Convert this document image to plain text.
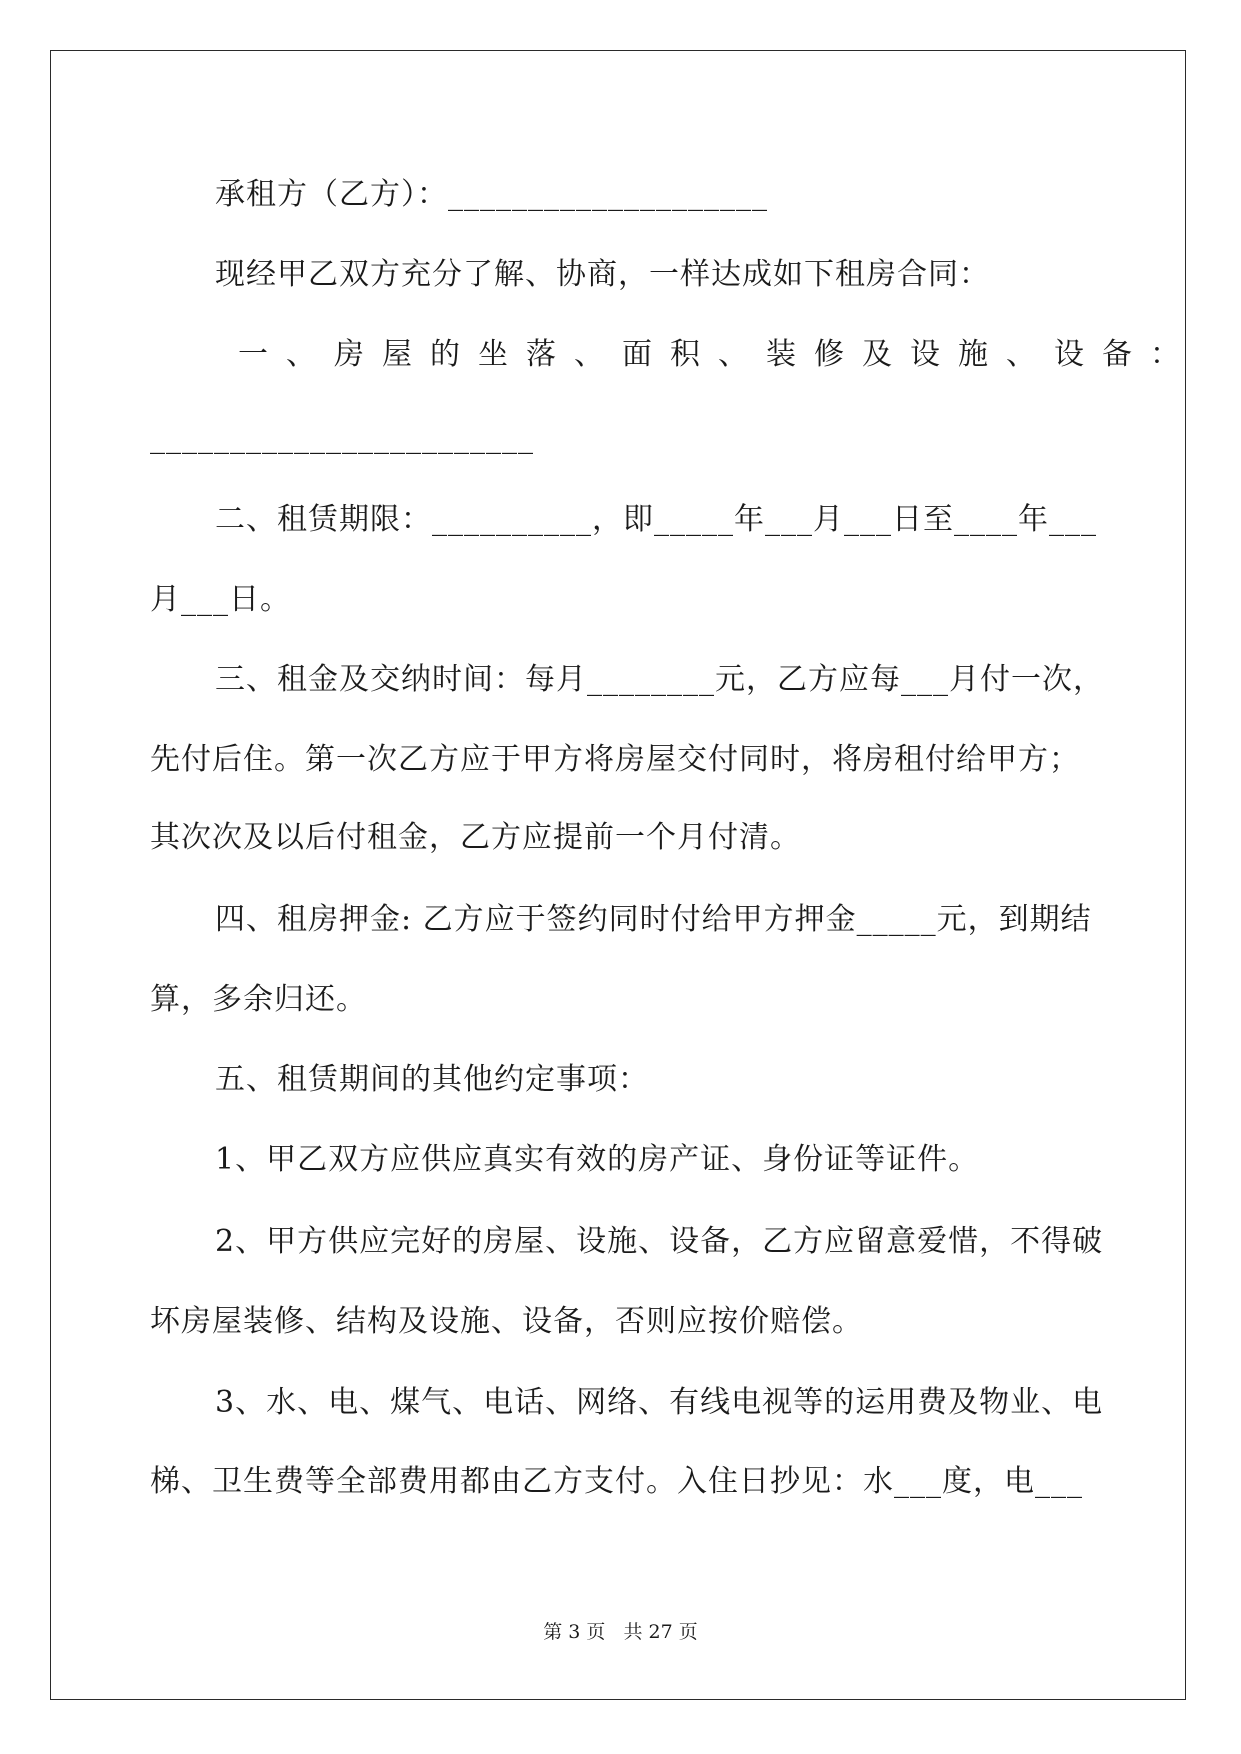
承租方（乙方）：____________________
现经甲乙双方充分了解、协商，一样达成如下租房合同：
一、房屋的坐落、面积、装修及设施、设备：
________________________
二、租赁期限：__________，即_____年___月___日至____年___
月___日。
三、租金及交纳时间：每月________元，乙方应每___月付一次，
先付后住。第一次乙方应于甲方将房屋交付同时，将房租付给甲方；
其次次及以后付租金，乙方应提前一个月付清。
四、租房押金: 乙方应于签约同时付给甲方押金_____元，到期结
算，多余归还。
五、租赁期间的其他约定事项：
1、甲乙双方应供应真实有效的房产证、身份证等证件。
2、甲方供应完好的房屋、设施、设备，乙方应留意爱惜，不得破
坏房屋装修、结构及设施、设备，否则应按价赔偿。
3、水、电、煤气、电话、网络、有线电视等的运用费及物业、电
梯、卫生费等全部费用都由乙方支付。入住日抄见：水___度，电___
第 3 页   共 27 页
